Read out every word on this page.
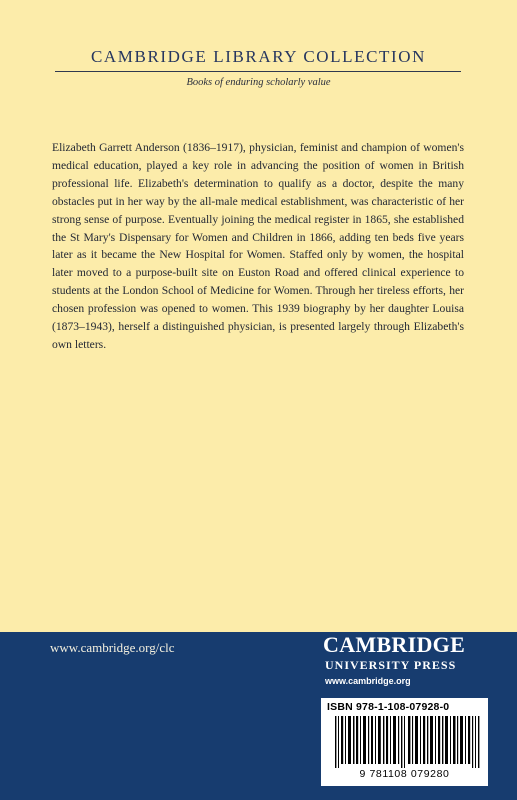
CAMBRIDGE LIBRARY COLLECTION
Books of enduring scholarly value
Elizabeth Garrett Anderson (1836–1917), physician, feminist and champion of women's medical education, played a key role in advancing the position of women in British professional life. Elizabeth's determination to qualify as a doctor, despite the many obstacles put in her way by the all-male medical establishment, was characteristic of her strong sense of purpose. Eventually joining the medical register in 1865, she established the St Mary's Dispensary for Women and Children in 1866, adding ten beds five years later as it became the New Hospital for Women. Staffed only by women, the hospital later moved to a purpose-built site on Euston Road and offered clinical experience to students at the London School of Medicine for Women. Through her tireless efforts, her chosen profession was opened to women. This 1939 biography by her daughter Louisa (1873–1943), herself a distinguished physician, is presented largely through Elizabeth's own letters.
www.cambridge.org/clc	CAMBRIDGE
UNIVERSITY PRESS
www.cambridge.org
ISBN 978-1-108-07928-0
9 781108 079280
